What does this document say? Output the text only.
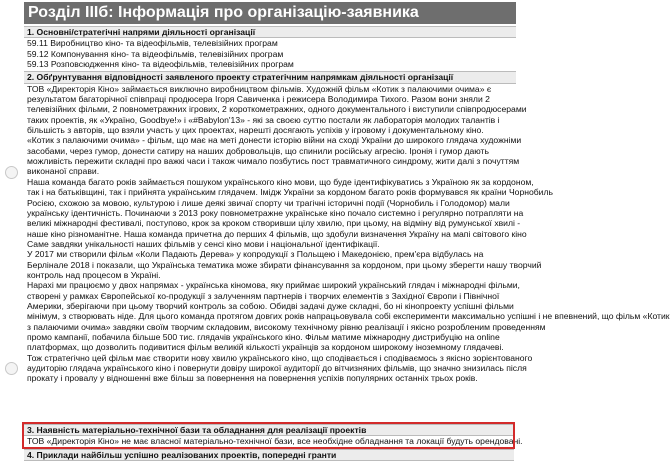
Розділ IIIб: Інформація про організацію-заявника
1. Основні/стратегічні напрями діяльності організації
59.11 Виробництво кіно- та відеофільмів, телевізійних програм
59.12 Компонування кіно- та відеофільмів, телевізійних програм
59.13 Розповсюдження кіно- та відеофільмів, телевізійних програм
2. Обґрунтування відповідності заявленого проекту стратегічним напрямкам діяльності організації
ТОВ «Директорія Кіно» займається виключно виробництвом фільмів. Художній фільм «Котик з палаючими очима» є
результатом багаторічної співпраці продюсера Ігоря Савиченка і режисера Володимира Тихого. Разом вони зняли 2
телевізійних фільми, 2 повнометражних ігрових, 2 короткометражних, одного документального і виступили співпродюсерами
таких проектів, як «Україно, Goodbye!» і «#Babylon'13» - які за своєю суттю постали як лабораторія молодих талантів і
більшість з авторів, що взяли участь у цих проектах, нарешті досягають успіхів у ігровому і документальному кіно.
«Котик з палаючими очима» - фільм, що має на меті донести історію війни на сході України до широкого глядача художніми
засобами, через гумор, донести сатиру на наших добровольців, що спинили російську агресію. Іронія і гумор дають
можливість пережити складні про важкі часи і також чимало позбутись пост травматичного синдрому, жити далі з почуттям
виконаної справи.
Наша команда багато років займається пошуком українського кіно мови, що буде ідентифікуватись з Україною як за кордоном,
так і на батьківщині, так і прийнята українським глядачем. Імідж України за кордоном багато років формувався як країни Чорнобиль
Росією, схожою за мовою, культурою і лише деякі звичаї спорту чи трагічні історичні події (Чорнобиль і Голодомор) мали
українську ідентичність. Починаючи з 2013 року повнометражне українське кіно почало системно і регулярно потрапляти на
великі міжнародні фестивалі, поступово, крок за кроком створивши цілу хвилю, при цьому, на відміну від румунської хвилі -
наше кіно різноманітне. Наша команда причетна до перших 4 фільмів, що здобули визначення Україну на мапі світового кіно
Саме завдяки унікальності наших фільмів у сенсі кіно мови і національної ідентифікації.
У 2017 ми створили фільм «Коли Падають Дерева» у копродукції з Польщею і Македонією, прем'єра відбулась на
Берлінале 2018 і показали, що Українська тематика може збирати фінансування за кордоном, при цьому зберегти нашу творчий
контроль над процесом в Україні.
Нарахі ми працюємо у двох напрямах - українська кіномова, яку приймає широкий український глядач і міжнародні фільми,
створені у рамках Європейської ко-продукції з залученням партнерів і творчих елементів з Західної Європи і Північної
Америки, зберігаючи при цьому творчий контроль за собою. Обидві задачі дуже складні, бо ні кінопроекту успішні фільми
мінімум, з створювать ніде. Для цього команда протягом довгих років напрацьовувала собі експерименти максимально успішні і не впевнений, що фільм «Котик
з палаючими очима» завдяки своїм творчим складовим, високому технічному рівню реалізації і якісно розробленим проведенням
промо кампанії, побачила більше 500 тис. глядачів українського кіно. Фільм матиме міжнародну дистрибуцію на online
платформах, що дозволить подивитися фільм великій кількості українців за кордоном широкому іноземному глядачеві.
Тож стратегічно цей фільм має створити нову хвилю українського кіно, що сподівається і сподіваємось з якісно зорієнтованого
аудиторію глядача українського кіно і повернути довіру широкої аудиторії до вітчизняних фільмів, що значно знизилась після
прокату і провалу у відношенні вже більш за повернення на повернення успіхів популярних останніх трьох років.
3. Наявність матеріально-технічної бази та обладнання для реалізації проектів
ТОВ «Директорія Кіно» не має власної матеріально-технічної бази, все необхідне обладнання та локації будуть орендовані.
4. Приклади найбільш успішно реалізованих проектів, попередні гранти
